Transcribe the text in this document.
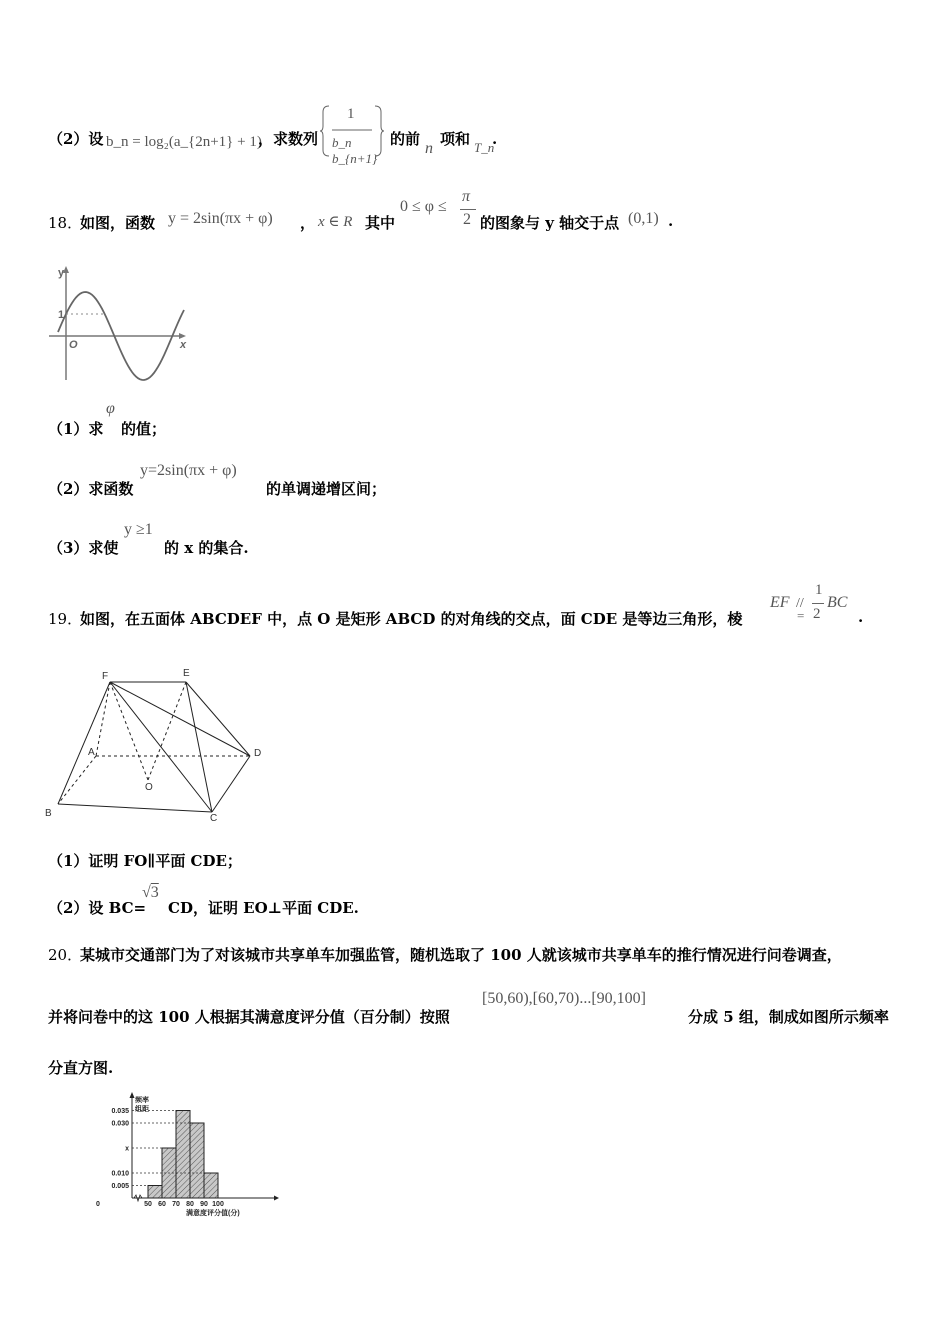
（2）设 b_n = log₂(a_{2n+1} + 1)
，求数列
1
b_n b_{n+1}
的前
n
项和 T_n
.
18．
如图，函数 y = 2sin(πx + φ) ， x ∈ R 其中
0 ≤ φ ≤
π
2 的图象与 y 轴交于点 (0,1) .
y
x
O
1
（1）求
φ
的值；
（2）求函数
y=2sin(πx + φ)
的单调递增区间；
（3）求使
y ≥1
的 x 的集合.
19．
如图，在五面体 ABCDEF 中，点 O 是矩形 ABCD 的对角线的交点，面 CDE 是等边三角形，棱
EF //
=
1
2
BC
.
F	E
A	D
O
B	C
（1）证明 FO∥平面 CDE；
（2）设 BC=
√3
CD，证明 EO⊥平面 CDE.
20．
某城市交通部门为了对该城市共享单车加强监管，随机选取了 100 人就该城市共享单车的推行情况进行问卷调查，
并将问卷中的这 100 人根据其满意度评分值（百分制）按照
[50,60),[60,70)...[90,100]
分成 5 组，制成如图所示频率
分直方图.
0.005
0.010
x
0.030
0.035
0	50 60 70 80 90 100
频率
组距
满意度评分值(分)
